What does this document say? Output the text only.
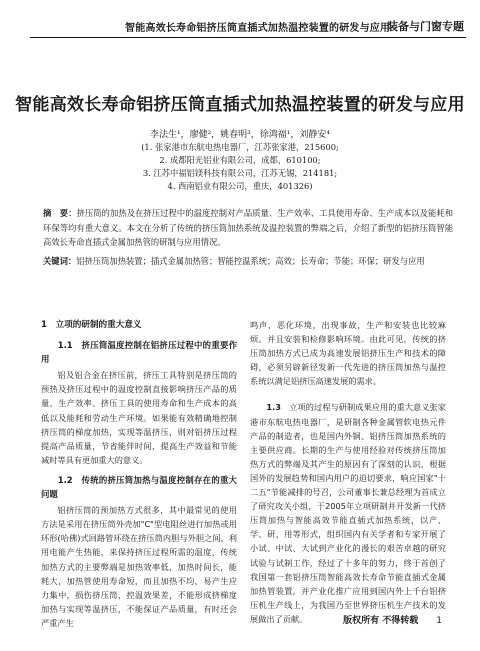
智能高效长寿命铝挤压筒直插式加热温控装置的研发与应用
装备与门窗专题
智能高效长寿命铝挤压筒直插式加热温控装置的研发与应用
李法生¹，廖健²，姚春明³，徐鸿福¹，刘静安⁴
(1. 张家港市东航电热电器厂，江苏张家港，215600;
2. 成都阳光铝业有限公司，成都，610100;
3. 江苏中福铝镁科技有限公司，江苏无锡，214181;
4. 西南铝业有限公司，重庆，401326)
摘　要：挤压筒的加热及在挤压过程中的温度控制对产品质量、生产效率、工具使用寿命、生产成本以及能耗和环保等均有重大意义。本文在分析了传统的挤压筒加热系统及温控装置的弊端之后，介绍了新型的铝挤压筒智能高效长寿命直插式金属加热管的研制与应用情况。
关键词：铝挤压筒加热装置；插式金属加热管；智能控温系统；高效；长寿命；节能；环保；研发与应用
1　立项的研制的重大意义
1.1　挤压筒温度控制在铝挤压过程中的重要作用

铝及铝合金在挤压前，挤压工具特别是挤压筒的预热及挤压过程中的温度控制直接影响挤压产品的质量、生产效率、挤压工具的使用寿命和生产成本的高低以及能耗和劳动生产环境。如果能有效精确地控制挤压筒的梯度加热，实现等温挤压，则对铝挤压过程提高产品质量，节省能伴时间，提高生产效益和节能减时等具有更加重大的意义。

1.2　传统的挤压筒加热与温度控制存在的重大问题

铝挤压筒的预加热方式很多，其中最常见的使用方法是采用在挤压筒外壳加"C"型电阻丝进行加热或用环形(哈佛)式回路管环绕在挤压筒内胆与外胆之间，利用电能产生热能，来保持挤压过程所需的温度，传统加热方式的主要弊端是加热效率低，加热时间长，能耗大，加热管使用寿命短，而且加热不均，易产生应力集中，损伤挤压筒，控温效果差，不能形成挤梯度加热与实现等温挤压，不能保证产品质量，有时还会严重产生

鸣声，恶化环境，出现事故，生产和安装也比较麻烦。并且安装和检修影响环境。由此可见，传统的挤压筒加热方式已成为高速发展铝挤压生产和技术的障碍，必须另辟新径发新一代先进的挤压筒加热与温控系统以满足铝挤压高速发展的需求。

1.3　 立项的过程与研制成果应用的重大意义张家港市东航电热电器厂，是研制各种金属管软电热元件产品的制造者，也是国内外铜、铝挤压筒加热系统的主要供应商。长期的生产与使用经验对传统挤压筒加热方式的弊端及其产生的原因有了深刻的认识，根据国外的发展趋势和国内用户的迫切要求，响应国家"十二五"节能减排的号召，公司董事长兼总经理为首成立了研究攻关小组，于2005年立项研制并开发新一代挤压筒加热与智能高效节能直插式加热系统，以产、学、研、用等形式，组织国内有关学者和专家开展了小试、中试、大试到产业化的漫长的艰苦卓越的研究试验与试制工作，经过了十多年的努力，终于首创了我国第一套铝挤压筒智能高效长寿命节能直插式金属加热管装置，并产业化推广应用到国内外上千台铝挤压机生产线上，为我国乃至世界挤压机生产技术的发展做出了贡献。	版权所有 不得转载 1
